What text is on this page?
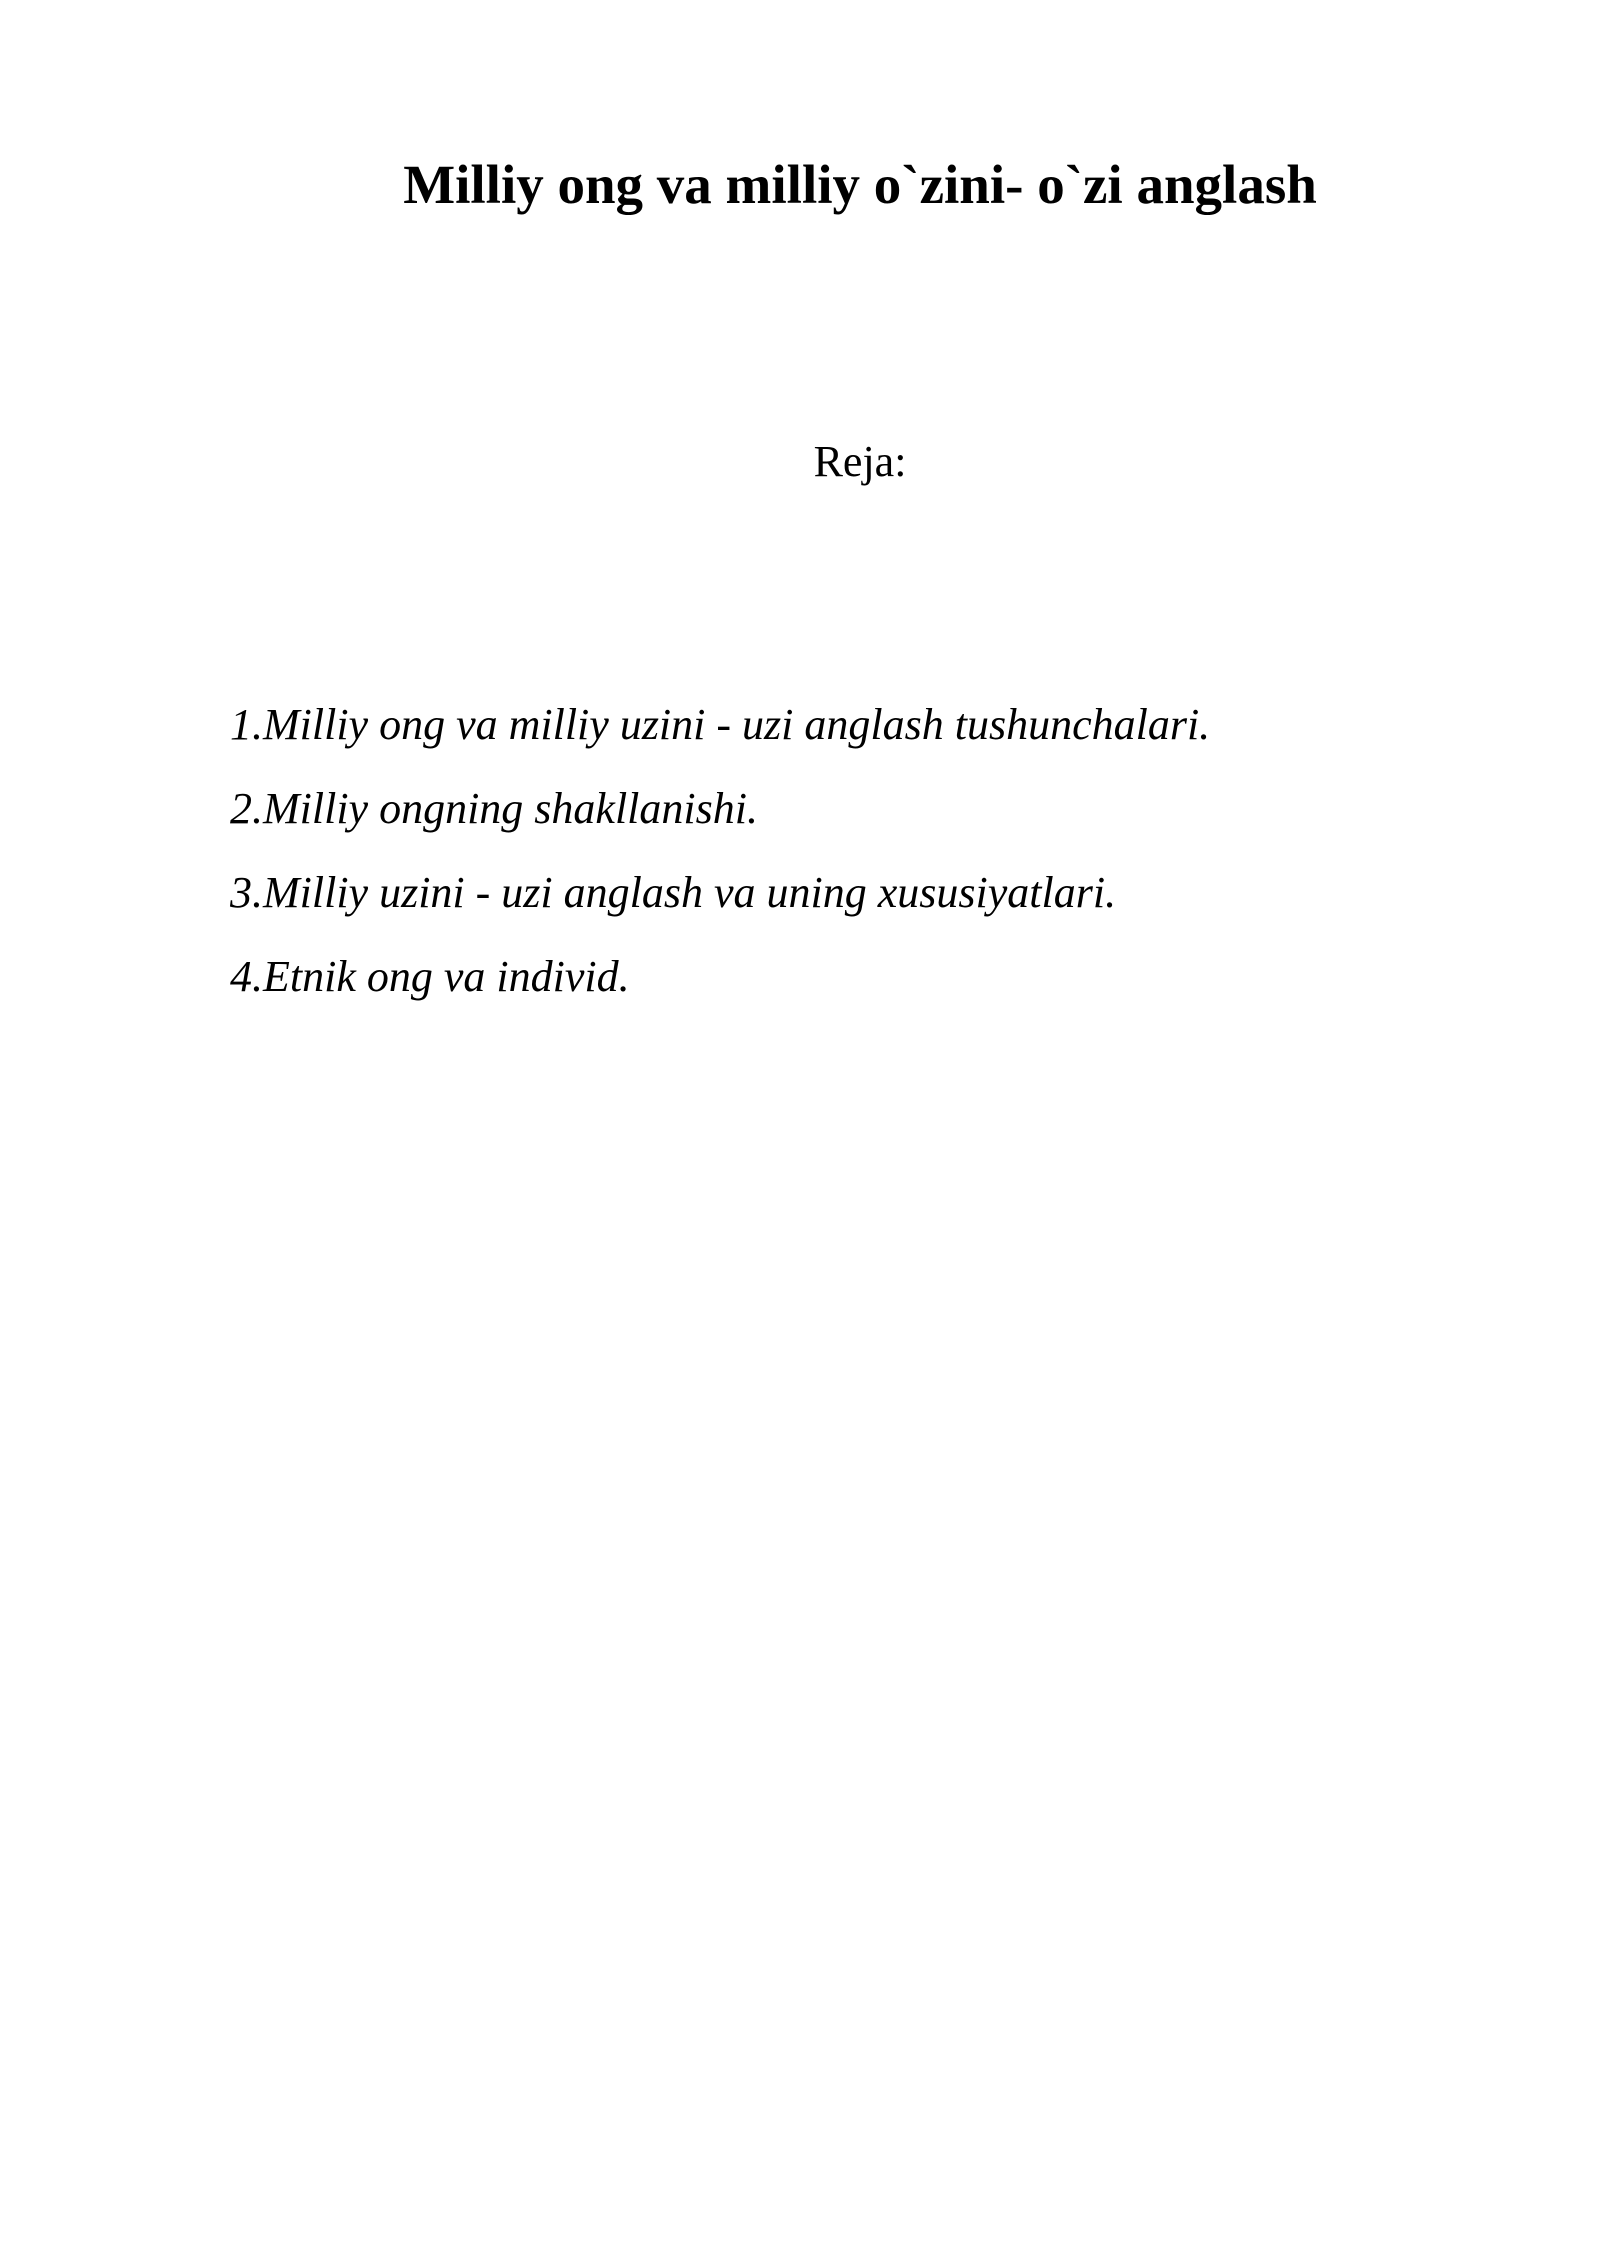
Milliy ong va milliy o`zini- o`zi anglash

Reja:

1.Milliy ong va milliy uzini - uzi anglash tushunchalari.
2.Milliy ongning shakllanishi.
3.Milliy uzini - uzi anglash va uning xususiyatlari.
4.Etnik ong va individ.
